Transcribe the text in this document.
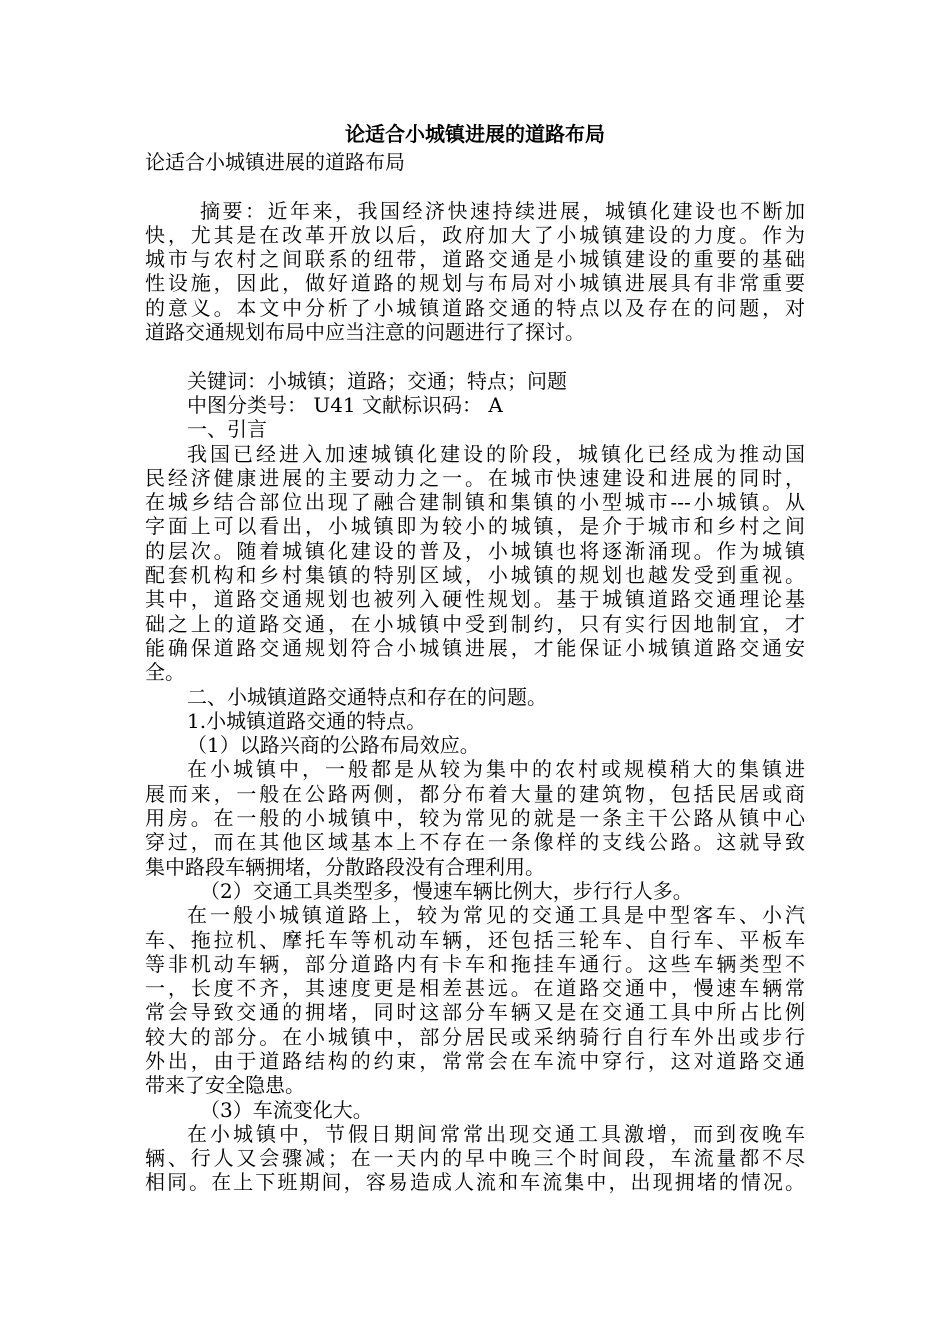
论适合小城镇进展的道路布局

论适合小城镇进展的道路布局

摘要：近年来，我国经济快速持续进展，城镇化建设也不断加

快，尤其是在改革开放以后，政府加大了小城镇建设的力度。作为

城市与农村之间联系的纽带，道路交通是小城镇建设的重要的基础

性设施，因此，做好道路的规划与布局对小城镇进展具有非常重要

的意义。本文中分析了小城镇道路交通的特点以及存在的问题，对

道路交通规划布局中应当注意的问题进行了探讨。

关键词：小城镇；道路；交通；特点；问题

中图分类号： U41 文献标识码： A

一、引言

我国已经进入加速城镇化建设的阶段，城镇化已经成为推动国

民经济健康进展的主要动力之一。在城市快速建设和进展的同时，

在城乡结合部位出现了融合建制镇和集镇的小型城市---小城镇。从

字面上可以看出，小城镇即为较小的城镇，是介于城市和乡村之间

的层次。随着城镇化建设的普及，小城镇也将逐渐涌现。作为城镇

配套机构和乡村集镇的特别区域，小城镇的规划也越发受到重视。

其中，道路交通规划也被列入硬性规划。基于城镇道路交通理论基

础之上的道路交通，在小城镇中受到制约，只有实行因地制宜，才

能确保道路交通规划符合小城镇进展，才能保证小城镇道路交通安

全。

二、小城镇道路交通特点和存在的问题。

1.小城镇道路交通的特点。

（1）以路兴商的公路布局效应。

在小城镇中，一般都是从较为集中的农村或规模稍大的集镇进

展而来，一般在公路两侧，都分布着大量的建筑物，包括民居或商

用房。在一般的小城镇中，较为常见的就是一条主干公路从镇中心

穿过，而在其他区域基本上不存在一条像样的支线公路。这就导致

集中路段车辆拥堵，分散路段没有合理利用。

（2）交通工具类型多，慢速车辆比例大，步行行人多。

在一般小城镇道路上，较为常见的交通工具是中型客车、小汽

车、拖拉机、摩托车等机动车辆，还包括三轮车、自行车、平板车

等非机动车辆，部分道路内有卡车和拖挂车通行。这些车辆类型不

一，长度不齐，其速度更是相差甚远。在道路交通中，慢速车辆常

常会导致交通的拥堵，同时这部分车辆又是在交通工具中所占比例

较大的部分。在小城镇中，部分居民或采纳骑行自行车外出或步行

外出，由于道路结构的约束，常常会在车流中穿行，这对道路交通

带来了安全隐患。

（3）车流变化大。

在小城镇中，节假日期间常常出现交通工具激增，而到夜晚车

辆、行人又会骤减；在一天内的早中晚三个时间段，车流量都不尽

相同。在上下班期间，容易造成人流和车流集中，出现拥堵的情况。
